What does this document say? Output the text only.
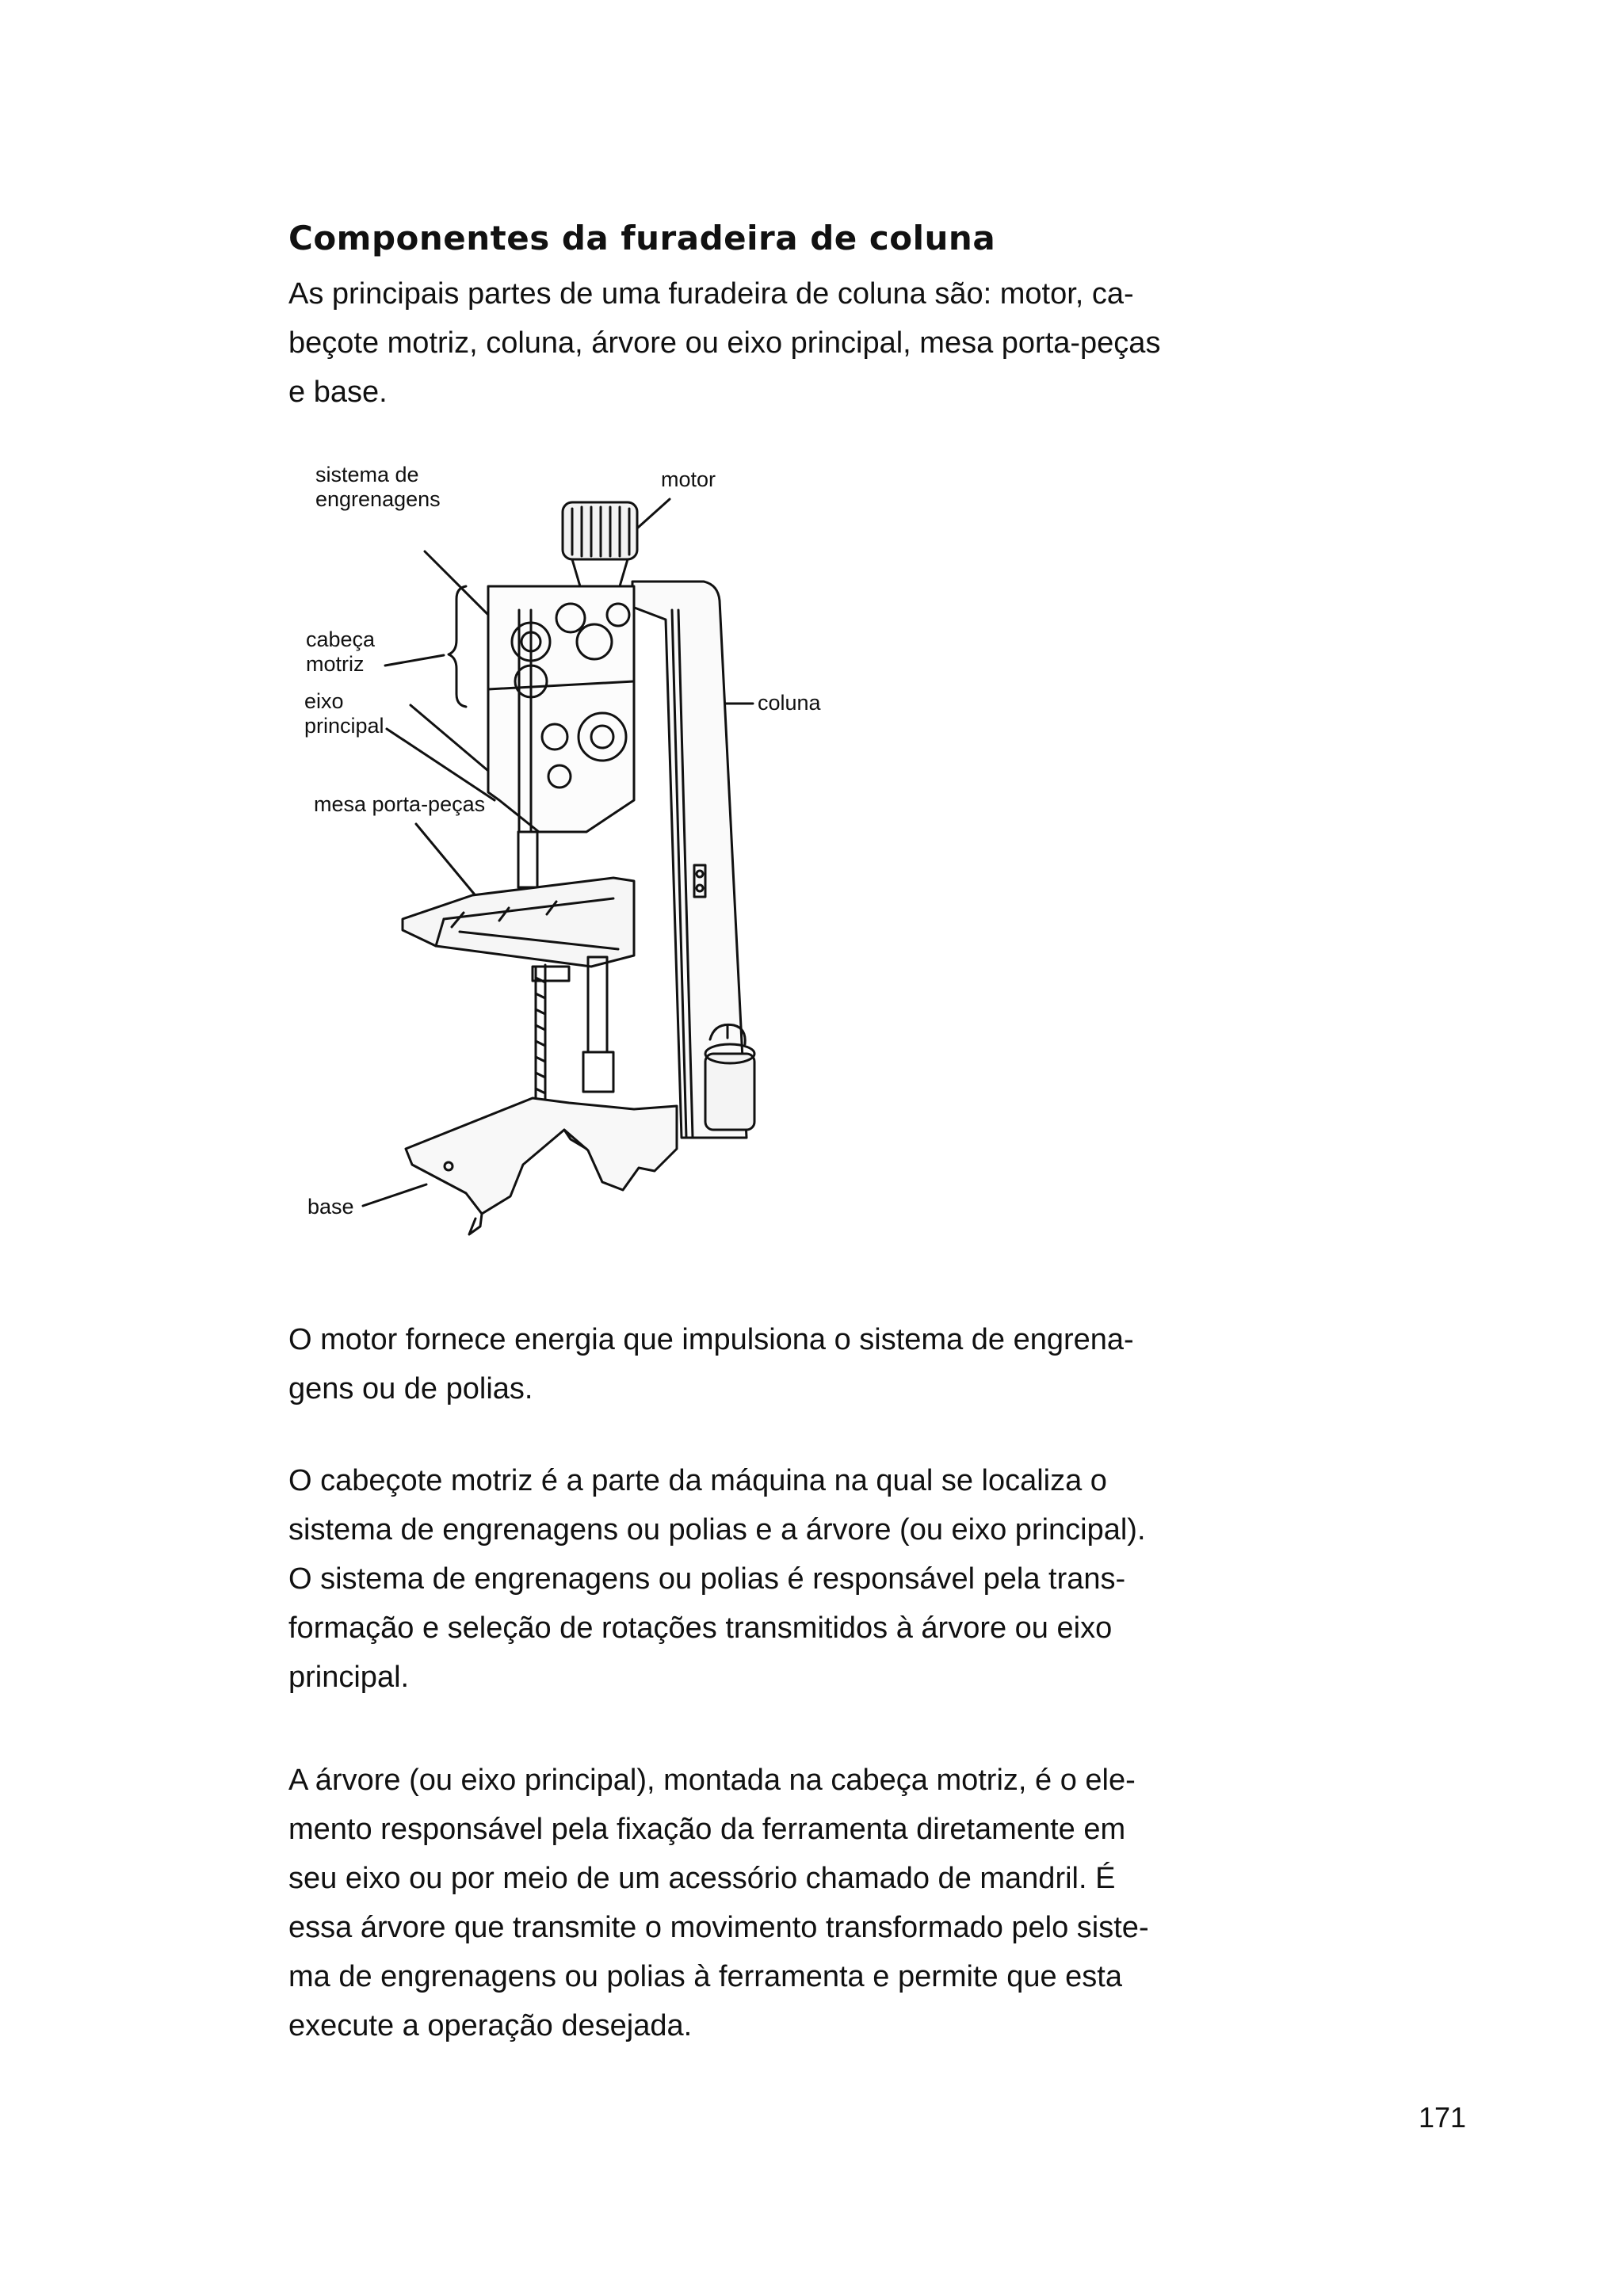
Componentes da furadeira de coluna

As principais partes de uma furadeira de coluna são: motor, ca-
beçote motriz, coluna, árvore ou eixo principal, mesa porta-peças
e base.

sistema de
engrenagens
motor
cabeça
motriz
eixo
principal
coluna
mesa porta-peças
base

O motor fornece energia que impulsiona o sistema de engrena-
gens ou de polias.

O cabeçote motriz é a parte da máquina na qual se localiza o
sistema de engrenagens ou polias e a árvore (ou eixo principal).
O sistema de engrenagens ou polias é responsável pela trans-
formação e seleção de rotações transmitidos à árvore ou eixo
principal.

A árvore (ou eixo principal), montada na cabeça motriz, é o ele-
mento responsável pela fixação da ferramenta diretamente em
seu eixo ou por meio de um acessório chamado de mandril. É
essa árvore que transmite o movimento transformado pelo siste-
ma de engrenagens ou polias à ferramenta e permite que esta
execute a operação desejada.

171
